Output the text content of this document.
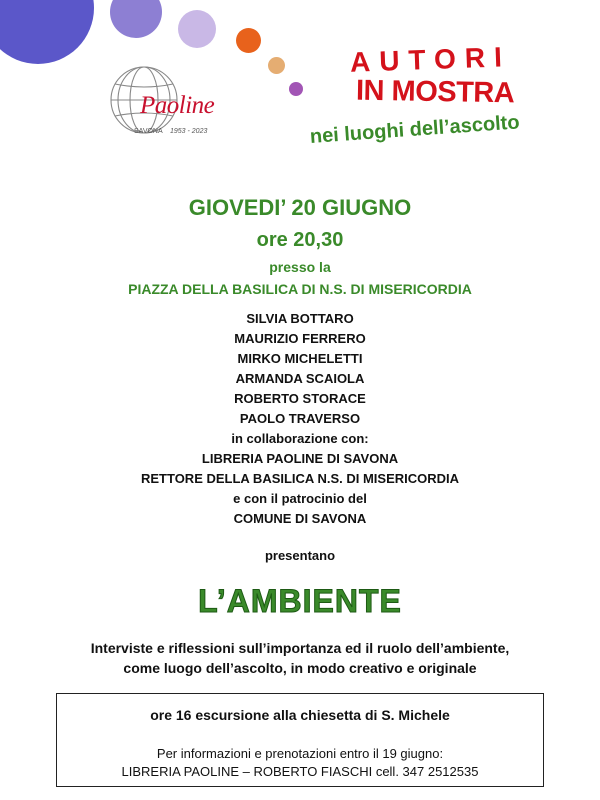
Paoline
SAVONA 1953 - 2023
AUTORI
IN MOSTRA
nei luoghi dell’ascolto
GIOVEDI’ 20 GIUGNO
ore 20,30
presso la
PIAZZA DELLA BASILICA DI N.S. DI MISERICORDIA
SILVIA BOTTARO
MAURIZIO FERRERO
MIRKO MICHELETTI
ARMANDA SCAIOLA
ROBERTO STORACE
PAOLO TRAVERSO
in collaborazione con:
LIBRERIA PAOLINE DI SAVONA
RETTORE DELLA BASILICA N.S. DI MISERICORDIA
e con il patrocinio del
COMUNE DI SAVONA
presentano
L’AMBIENTE
Interviste e riflessioni sull’importanza ed il ruolo dell’ambiente,
come luogo dell’ascolto, in modo creativo e originale
ore 16 escursione alla chiesetta di S. Michele
Per informazioni e prenotazioni entro il 19 giugno:
LIBRERIA PAOLINE – ROBERTO FIASCHI cell. 347 2512535
